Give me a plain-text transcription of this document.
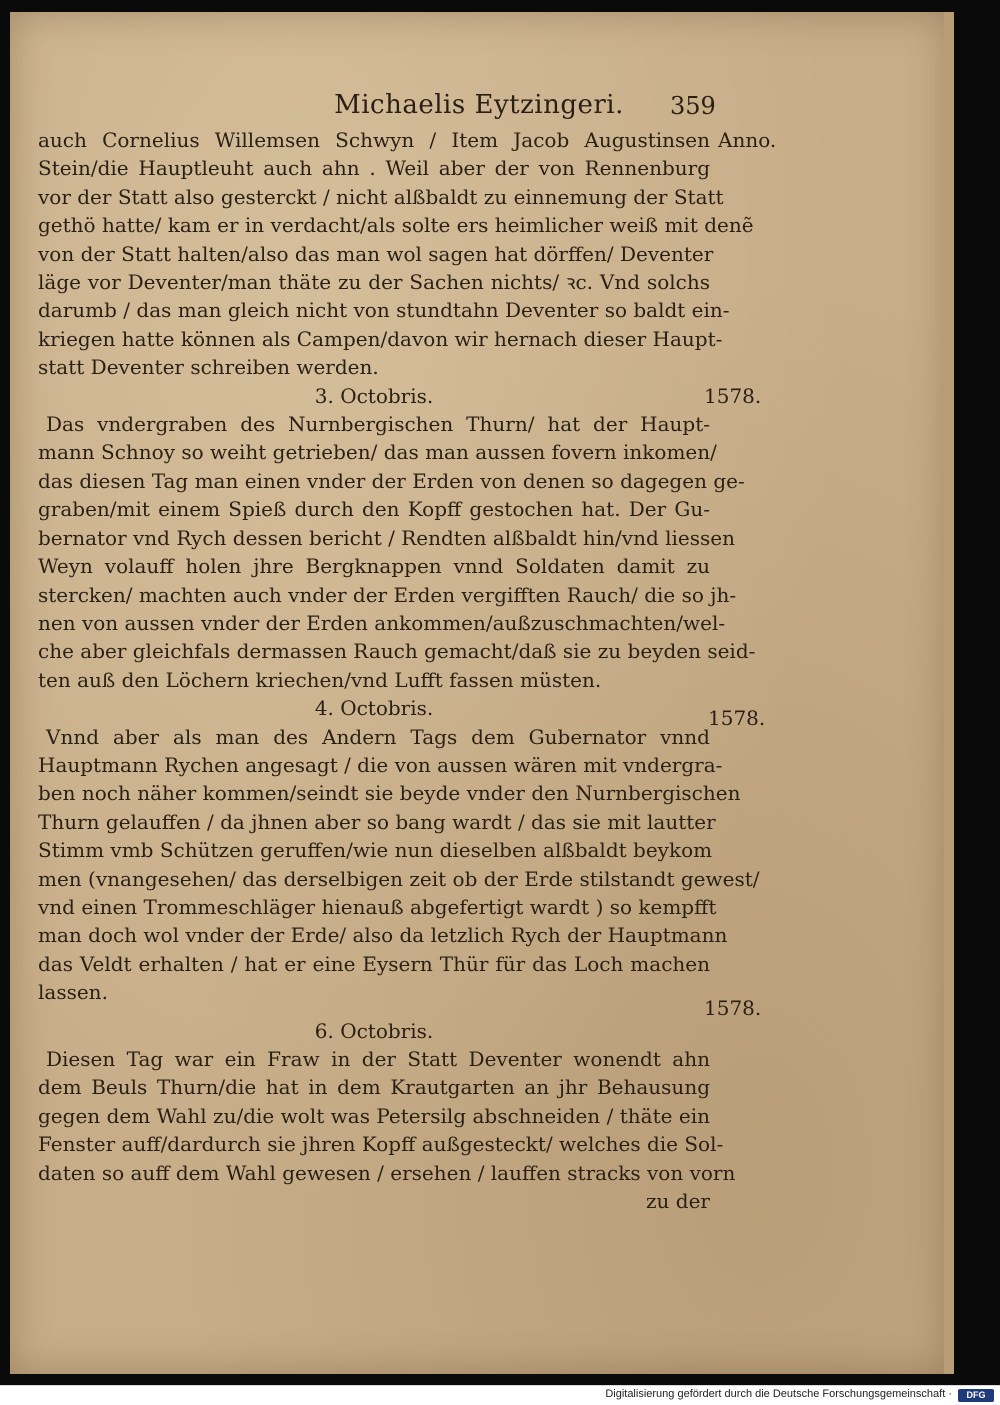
Michaelis Eytzingeri.	359
Anno.
1578.
1578.
1578.
auch Cornelius Willemsen Schwyn / Item Jacob Augustinsen
Stein/die Hauptleuht auch ahn . Weil aber der von Rennenburg
vor der Statt also gesterckt / nicht alßbaldt zu einnemung der Statt
gethö hatte/ kam er in verdacht/als solte ers heimlicher weiß mit denẽ
von der Statt halten/also das man wol sagen hat dörffen/ Deventer
läge vor Deventer/man thäte zu der Sachen nichts/ ꝛc. Vnd solchs
darumb / das man gleich nicht von stundtahn Deventer so baldt ein-
kriegen hatte können als Campen/davon wir hernach dieser Haupt-
statt Deventer schreiben werden.
3. Octobris.
Das vndergraben des Nurnbergischen Thurn/ hat der Haupt-
mann Schnoy so weiht getrieben/ das man aussen fovern inkomen/
das diesen Tag man einen vnder der Erden von denen so dagegen ge-
graben/mit einem Spieß durch den Kopff gestochen hat. Der Gu-
bernator vnd Rych dessen bericht / Rendten alßbaldt hin/vnd liessen
Weyn volauff holen jhre Bergknappen vnnd Soldaten damit zu
stercken/ machten auch vnder der Erden vergifften Rauch/ die so jh-
nen von aussen vnder der Erden ankommen/außzuschmachten/wel-
che aber gleichfals dermassen Rauch gemacht/daß sie zu beyden seid-
ten auß den Löchern kriechen/vnd Lufft fassen müsten.
4. Octobris.
Vnnd aber als man des Andern Tags dem Gubernator vnnd
Hauptmann Rychen angesagt / die von aussen wären mit vndergra-
ben noch näher kommen/seindt sie beyde vnder den Nurnbergischen
Thurn gelauffen / da jhnen aber so bang wardt / das sie mit lautter
Stimm vmb Schützen geruffen/wie nun dieselben alßbaldt beykom
men (vnangesehen/ das derselbigen zeit ob der Erde stilstandt gewest/
vnd einen Trommeschläger hienauß abgefertigt wardt ) so kempfft
man doch wol vnder der Erde/ also da letzlich Rych der Hauptmann
das Veldt erhalten / hat er eine Eysern Thür für das Loch machen
lassen.
6. Octobris.
Diesen Tag war ein Fraw in der Statt Deventer wonendt ahn
dem Beuls Thurn/die hat in dem Krautgarten an jhr Behausung
gegen dem Wahl zu/die wolt was Petersilg abschneiden / thäte ein
Fenster auff/dardurch sie jhren Kopff außgesteckt/ welches die Sol-
daten so auff dem Wahl gewesen / ersehen / lauffen stracks von vorn
zu der
Digitalisierung gefördert durch die Deutsche Forschungsgemeinschaft ·	DFG
